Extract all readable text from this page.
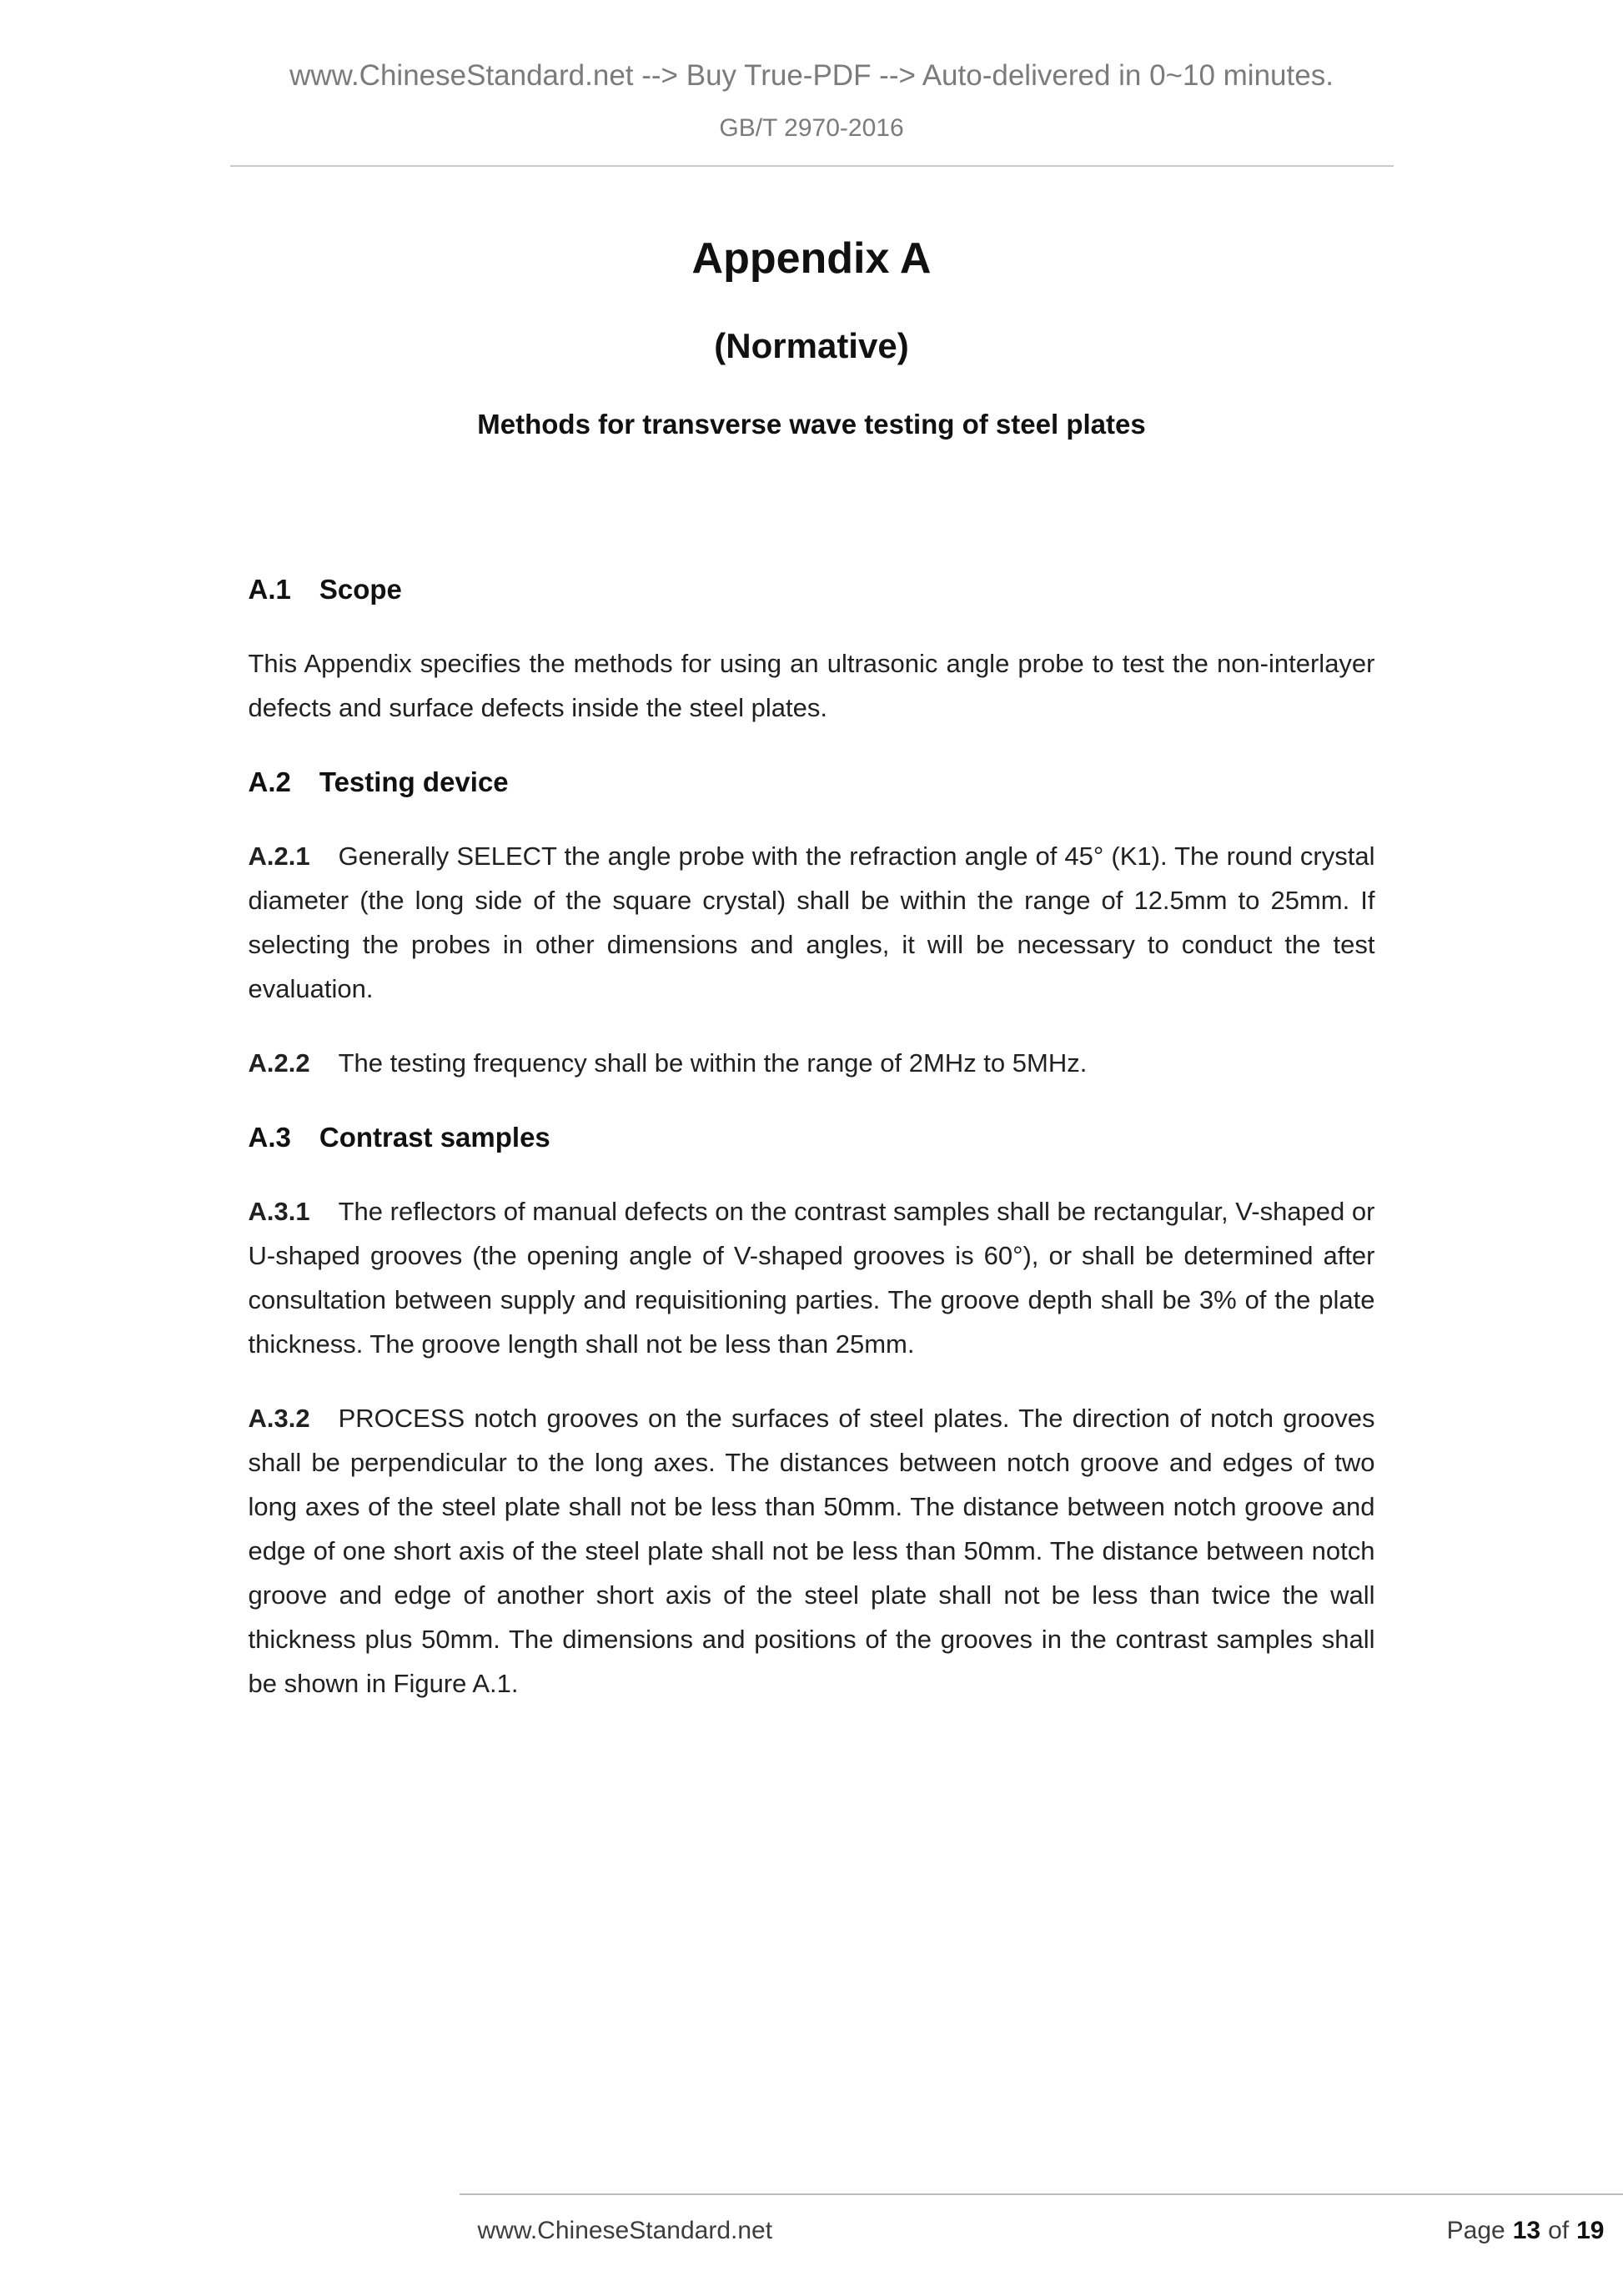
www.ChineseStandard.net --> Buy True-PDF --> Auto-delivered in 0~10 minutes.
GB/T 2970-2016
Appendix A
(Normative)
Methods for transverse wave testing of steel plates
A.1 Scope

This Appendix specifies the methods for using an ultrasonic angle probe to test the non-interlayer defects and surface defects inside the steel plates.

A.2 Testing device

A.2.1 Generally SELECT the angle probe with the refraction angle of 45° (K1). The round crystal diameter (the long side of the square crystal) shall be within the range of 12.5mm to 25mm. If selecting the probes in other dimensions and angles, it will be necessary to conduct the test evaluation.

A.2.2 The testing frequency shall be within the range of 2MHz to 5MHz.

A.3 Contrast samples

A.3.1 The reflectors of manual defects on the contrast samples shall be rectangular, V-shaped or U-shaped grooves (the opening angle of V-shaped grooves is 60°), or shall be determined after consultation between supply and requisitioning parties. The groove depth shall be 3% of the plate thickness. The groove length shall not be less than 25mm.

A.3.2 PROCESS notch grooves on the surfaces of steel plates. The direction of notch grooves shall be perpendicular to the long axes. The distances between notch groove and edges of two long axes of the steel plate shall not be less than 50mm. The distance between notch groove and edge of one short axis of the steel plate shall not be less than 50mm. The distance between notch groove and edge of another short axis of the steel plate shall not be less than twice the wall thickness plus 50mm. The dimensions and positions of the grooves in the contrast samples shall be shown in Figure A.1.

www.ChineseStandard.net	Page 13 of 19
